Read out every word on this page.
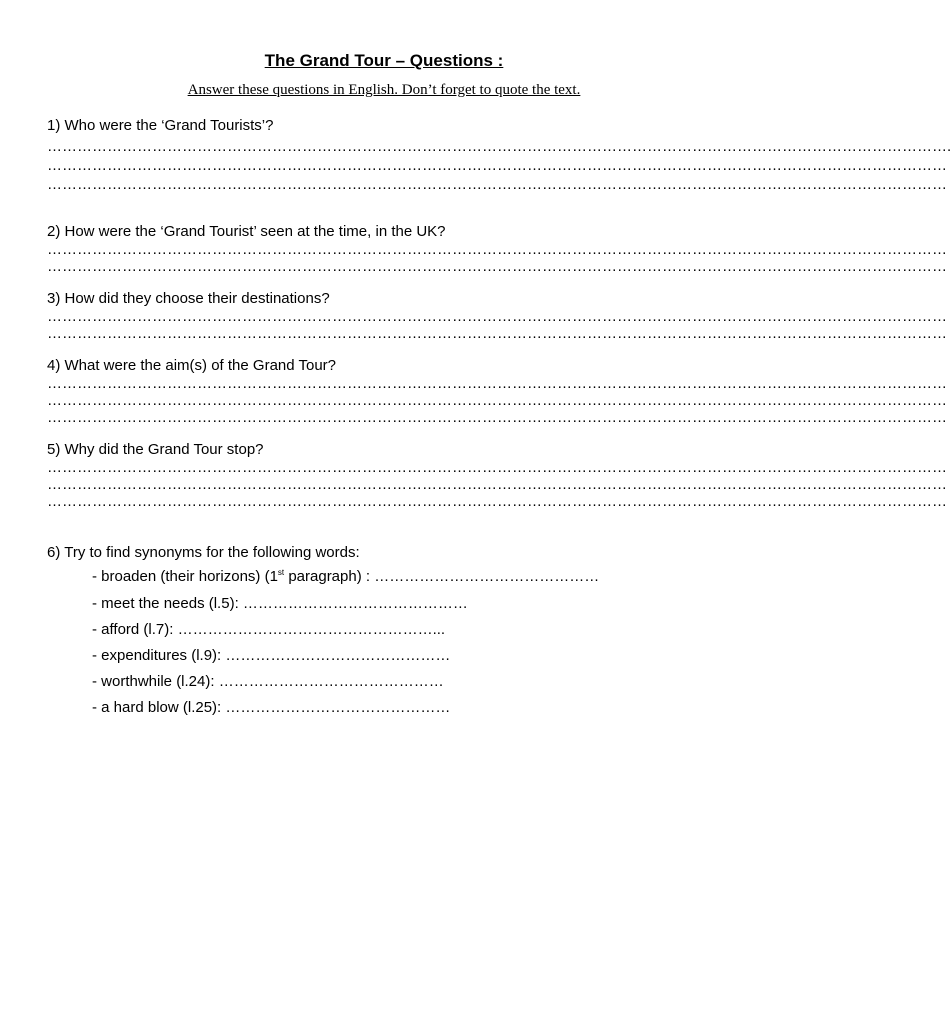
The Grand Tour – Questions :
Answer these questions in English. Don’t forget to quote the text.
1) Who were the ‘Grand Tourists’?
……………………………………………………………………………………………………………………………………………………………….
………………………………………………………………………………………………………………………………………………………………
………………………………………………………………………………………………………………………………………………………………
2) How were the ‘Grand Tourist’ seen at the time, in the UK?
………………………………………………………………………………………………………………………………………………………………
………………………………………………………………………………………………………………………………………………………………
3) How did they choose their destinations?
………………………………………………………………………………………………………………………………………………………………
………………………………………………………………………………………………………………………………………………………………
4) What were the aim(s) of the Grand Tour?
………………………………………………………………………………………………………………………………………………………………
………………………………………………………………………………………………………………………………………………………………
………………………………………………………………………………………………………………………………………………………………
5) Why did the Grand Tour stop?
………………………………………………………………………………………………………………………………………………………………
………………………………………………………………………………………………………………………………………………………………
………………………………………………………………………………………………………………………………………………………………
6) Try to find synonyms for the following words:
- broaden (their horizons) (1st paragraph) : ………………………………………
- meet the needs (l.5): ………………………………………
- afford (l.7): ……………………………………………...
- expenditures (l.9): ………………………………………
- worthwhile (l.24): ………………………………………
- a hard blow (l.25): ………………………………………
